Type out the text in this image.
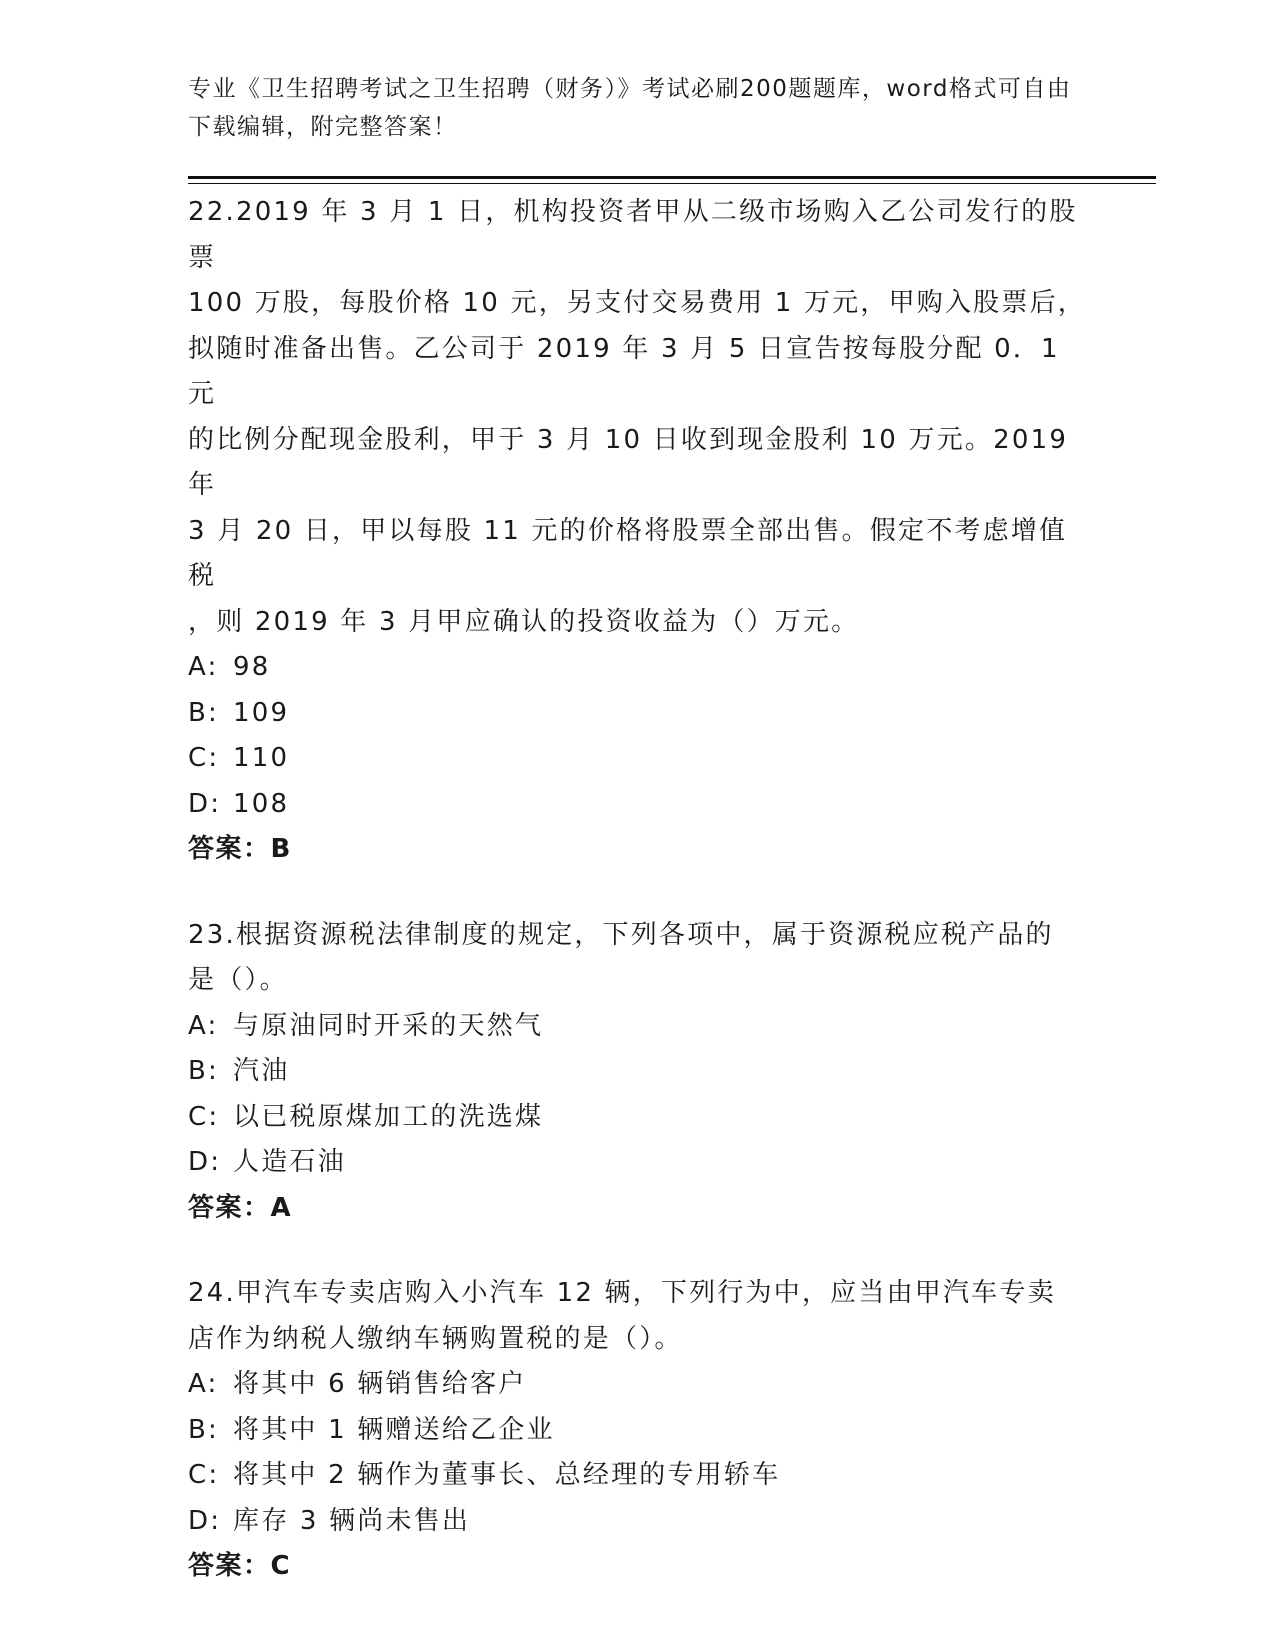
专业《卫生招聘考试之卫生招聘（财务）》考试必刷200题题库，word格式可自由下载编辑，附完整答案！
22.2019 年 3 月 1 日，机构投资者甲从二级市场购入乙公司发行的股票
100 万股，每股价格 10 元，另支付交易费用 1 万元，甲购入股票后，
拟随时准备出售。乙公司于 2019 年 3 月 5 日宣告按每股分配 0．1 元
的比例分配现金股利，甲于 3 月 10 日收到现金股利 10 万元。2019 年
3 月 20 日，甲以每股 11 元的价格将股票全部出售。假定不考虑增值税
，则 2019 年 3 月甲应确认的投资收益为（）万元。
A: 98
B: 109
C: 110
D: 108
答案：B
23.根据资源税法律制度的规定，下列各项中，属于资源税应税产品的
是（）。
A: 与原油同时开采的天然气
B: 汽油
C: 以已税原煤加工的洗选煤
D: 人造石油
答案：A
24.甲汽车专卖店购入小汽车 12 辆，下列行为中，应当由甲汽车专卖
店作为纳税人缴纳车辆购置税的是（）。
A: 将其中 6 辆销售给客户
B: 将其中 1 辆赠送给乙企业
C: 将其中 2 辆作为董事长、总经理的专用轿车
D: 库存 3 辆尚未售出
答案：C
